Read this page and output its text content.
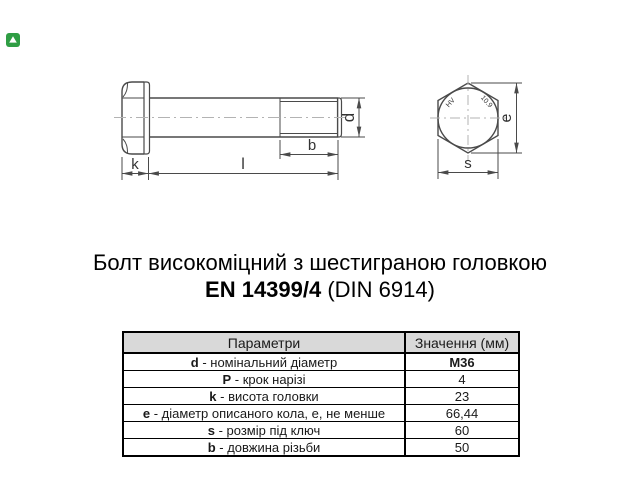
d
b
k	l
HV	10.9
e
s
Болт високоміцний з шестиграною головкою
EN 14399/4 (DIN 6914)
Параметри	Значення (мм)
d - номінальний діаметр	M36
P - крок нарізі	4
k - висота головки	23
e - діаметр описаного кола, е, не менше	66,44
s - розмір під ключ	60
b - довжина різьби	50
